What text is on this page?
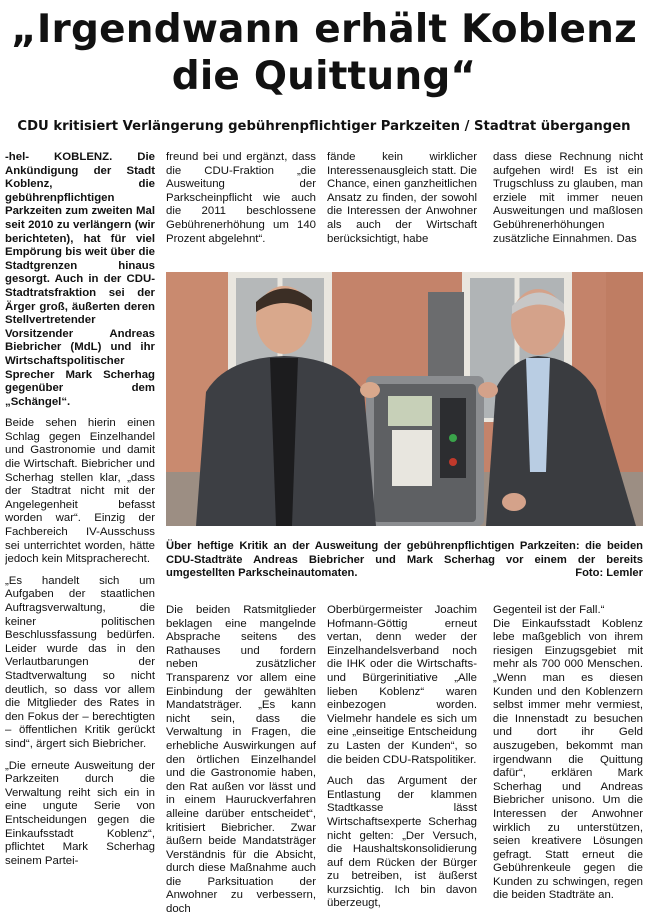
„Irgendwann erhält Koblenz die Quittung“
CDU kritisiert Verlängerung gebührenpflichtiger Parkzeiten / Stadtrat übergangen

-hel- KOBLENZ. Die Ankündigung der Stadt Koblenz, die gebührenpflichtigen Parkzeiten zum zweiten Mal seit 2010 zu verlängern (wir berichteten), hat für viel Empörung bis weit über die Stadtgrenzen hinaus gesorgt. Auch in der CDU-Stadtratsfraktion sei der Ärger groß, äußerten deren Stellvertretender Vorsitzender Andreas Biebricher (MdL) und ihr Wirtschaftspolitischer Sprecher Mark Scherhag gegenüber dem „Schängel“.

Beide sehen hierin einen Schlag gegen Einzelhandel und Gastronomie und damit die Wirtschaft. Biebricher und Scherhag stellen klar, „dass der Stadtrat nicht mit der Angelegenheit befasst worden war“. Einzig der Fachbereich IV-Ausschuss sei unterrichtet worden, hätte jedoch kein Mitspracherecht.

„Es handelt sich um Aufgaben der staatlichen Auftragsverwaltung, die keiner politischen Beschlussfassung bedürfen. Leider wurde das in den Verlautbarungen der Stadtverwaltung so nicht deutlich, so dass vor allem die Mitglieder des Rates in den Fokus der – berechtigten – öffentlichen Kritik gerückt sind“, ärgert sich Biebricher.

„Die erneute Ausweitung der Parkzeiten durch die Verwaltung reiht sich ein in eine ungute Serie von Entscheidungen gegen die Einkaufsstadt Koblenz“, pflichtet Mark Scherhag seinem Partei-

freund bei und ergänzt, dass die CDU-Fraktion „die Ausweitung der Parkscheinpflicht wie auch die 2011 beschlossene Gebührenerhöhung um 140 Prozent abgelehnt“.

fände kein wirklicher Interessenausgleich statt. Die Chance, einen ganzheitlichen Ansatz zu finden, der sowohl die Interessen der Anwohner als auch der Wirtschaft berücksichtigt, habe

dass diese Rechnung nicht aufgehen wird! Es ist ein Trugschluss zu glauben, man erziele mit immer neuen Ausweitungen und maßlosen Gebührenerhöhungen zusätzliche Einnahmen. Das

Über heftige Kritik an der Ausweitung der gebührenpflichtigen Parkzeiten: die beiden CDU-Stadträte Andreas Biebricher und Mark Scherhag vor einem der bereits umgestellten Parkscheinautomaten.	Foto: Lemler

Die beiden Ratsmitglieder beklagen eine mangelnde Absprache seitens des Rathauses und fordern neben zusätzlicher Transparenz vor allem eine Einbindung der gewählten Mandatsträger. „Es kann nicht sein, dass die Verwaltung in Fragen, die erhebliche Auswirkungen auf den örtlichen Einzelhandel und die Gastronomie haben, den Rat außen vor lässt und in einem Hauruckverfahren alleine darüber entscheidet“, kritisiert Biebricher. Zwar äußern beide Mandatsträger Verständnis für die Absicht, durch diese Maßnahme auch die Parksituation der Anwohner zu verbessern, doch

Oberbürgermeister Joachim Hofmann-Göttig erneut vertan, denn weder der Einzelhandelsverband noch die IHK oder die Wirtschafts- und Bürgerinitiative „Alle lieben Koblenz“ waren einbezogen worden. Vielmehr handele es sich um eine „einseitige Entscheidung zu Lasten der Kunden“, so die beiden CDU-Ratspolitiker.

Auch das Argument der Entlastung der klammen Stadtkasse lässt Wirtschaftsexperte Scherhag nicht gelten: „Der Versuch, die Haushaltskonsolidierung auf dem Rücken der Bürger zu betreiben, ist äußerst kurzsichtig. Ich bin davon überzeugt,

Gegenteil ist der Fall.“

Die Einkaufsstadt Koblenz lebe maßgeblich von ihrem riesigen Einzugsgebiet mit mehr als 700 000 Menschen. „Wenn man es diesen Kunden und den Koblenzern selbst immer mehr vermiest, die Innenstadt zu besuchen und dort ihr Geld auszugeben, bekommt man irgendwann die Quittung dafür“, erklären Mark Scherhag und Andreas Biebricher unisono. Um die Interessen der Anwohner wirklich zu unterstützen, seien kreativere Lösungen gefragt. Statt erneut die Gebührenkeule gegen die Kunden zu schwingen, regen die beiden Stadträte an.
